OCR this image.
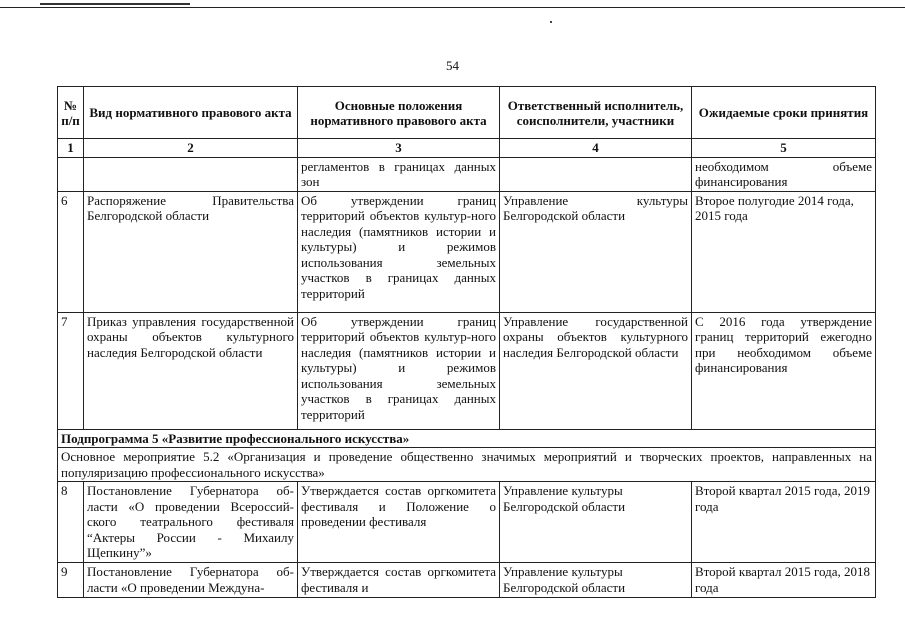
54
№ п/п	Вид нормативного правового акта	Основные положения нормативного правового акта	Ответственный исполнитель, соисполнители, участники	Ожидаемые сроки принятия
1	2	3	4	5
		регламентов в границах данных зон		необходимом объеме финансирования
6	Распоряжение Правительства Белгородской области	Об утверждении границ территорий объектов культур-ного наследия (памятников истории и культуры) и режимов использования земельных участков в границах данных территорий	Управление культуры Белгородской области	Второе полугодие 2014 года, 2015 года
7	Приказ управления государственной охраны объектов культурного наследия Белгородской области	Об утверждении границ территорий объектов культур-ного наследия (памятников истории и культуры) и режимов использования земельных участков в границах данных территорий	Управление государственной охраны объектов культурного наследия Белгородской области	С 2016 года утверждение границ территорий ежегодно при необходимом объеме финансирования
Подпрограмма 5 «Развитие профессионального искусства»				
Основное мероприятие 5.2 «Организация и проведение общественно значимых мероприятий и творческих проектов, направленных на популяризацию профессионального искусства»				
8	Постановление Губернатора об-ласти «О проведении Всероссий-ского театрального фестиваля “Актеры России - Михаилу Щепкину”»	Утверждается состав оргкомитета фестиваля и Положение о проведении фестиваля	Управление культуры Белгородской области	Второй квартал 2015 года, 2019 года
9	Постановление Губернатора об-ласти «О проведении Междуна-	Утверждается состав оргкомитета фестиваля и	Управление культуры Белгородской области	Второй квартал 2015 года, 2018 года
